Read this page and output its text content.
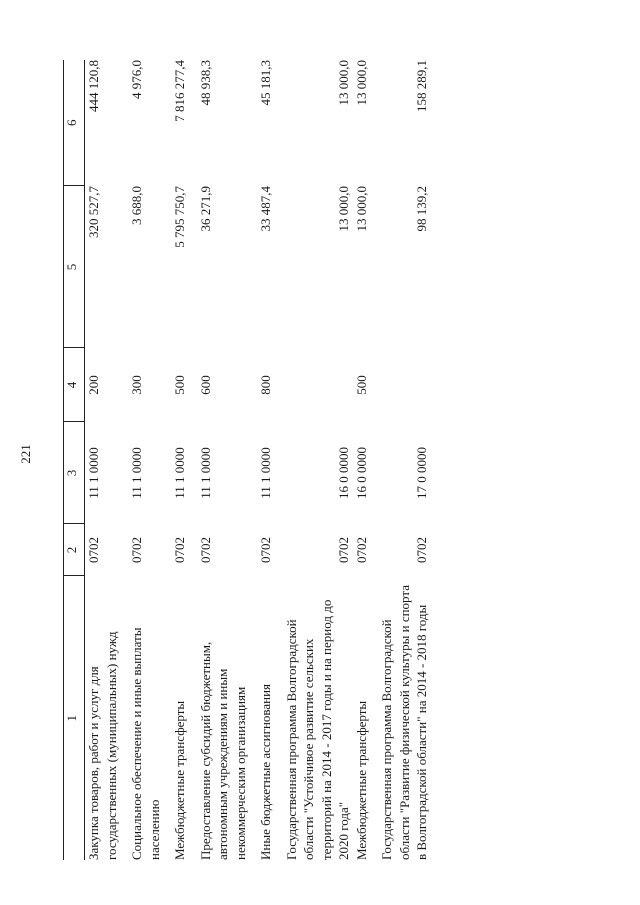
221
1	2	3	4	5	6
Закупка товаров, работ и услуг для государственных (муниципальных) нужд	0702	11 1 0000	200	320 527,7	444 120,8

Социальное обеспечение и иные выплаты населению	0702	11 1 0000	300	3 688,0	4 976,0

Межбюджетные трансферты	0702	11 1 0000	500	5 795 750,7	7 816 277,4

Предоставление субсидий бюджетным, автономным учреждениям и иным некоммерческим организациям	0702	11 1 0000	600	36 271,9	48 938,3

Иные бюджетные ассигнования	0702	11 1 0000	800	33 487,4	45 181,3

Государственная программа Волгоградской области "Устойчивое развитие сельских территорий на 2014 - 2017 годы и на период до 2020 года"	0702	16 0 0000		13 000,0	13 000,0
Межбюджетные трансферты	0702	16 0 0000	500	13 000,0	13 000,0

Государственная программа Волгоградской области "Развитие физической культуры и спорта в Волгоградской области" на 2014 - 2018 годы	0702	17 0 0000		98 139,2	158 289,1
